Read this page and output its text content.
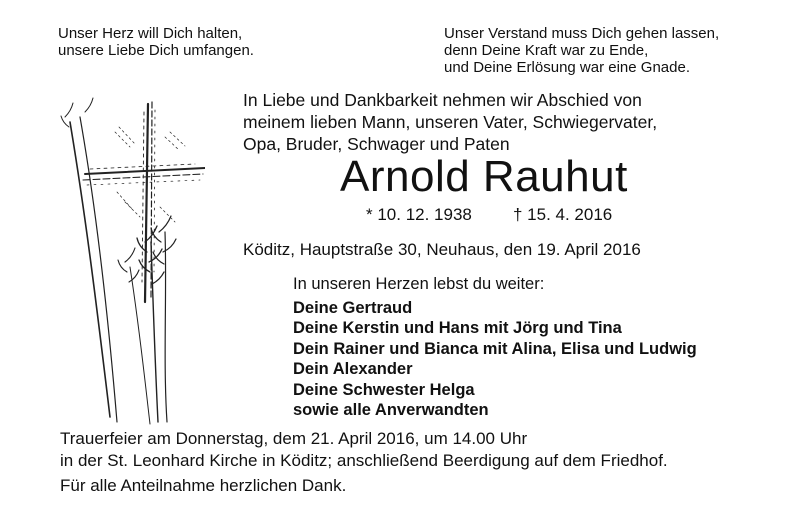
Unser Herz will Dich halten,
unsere Liebe Dich umfangen.
Unser Verstand muss Dich gehen lassen,
denn Deine Kraft war zu Ende,
und Deine Erlösung war eine Gnade.
In Liebe und Dankbarkeit nehmen wir Abschied von
meinem lieben Mann, unseren Vater, Schwiegervater,
Opa, Bruder, Schwager und Paten
Arnold Rauhut
* 10. 12. 1938 † 15. 4. 2016
Köditz, Hauptstraße 30, Neuhaus, den 19. April 2016
In unseren Herzen lebst du weiter:
Deine Gertraud
Deine Kerstin und Hans mit Jörg und Tina
Dein Rainer und Bianca mit Alina, Elisa und Ludwig
Dein Alexander
Deine Schwester Helga
sowie alle Anverwandten
Trauerfeier am Donnerstag, dem 21. April 2016, um 14.00 Uhr
in der St. Leonhard Kirche in Köditz; anschließend Beerdigung auf dem Friedhof.
Für alle Anteilnahme herzlichen Dank.
